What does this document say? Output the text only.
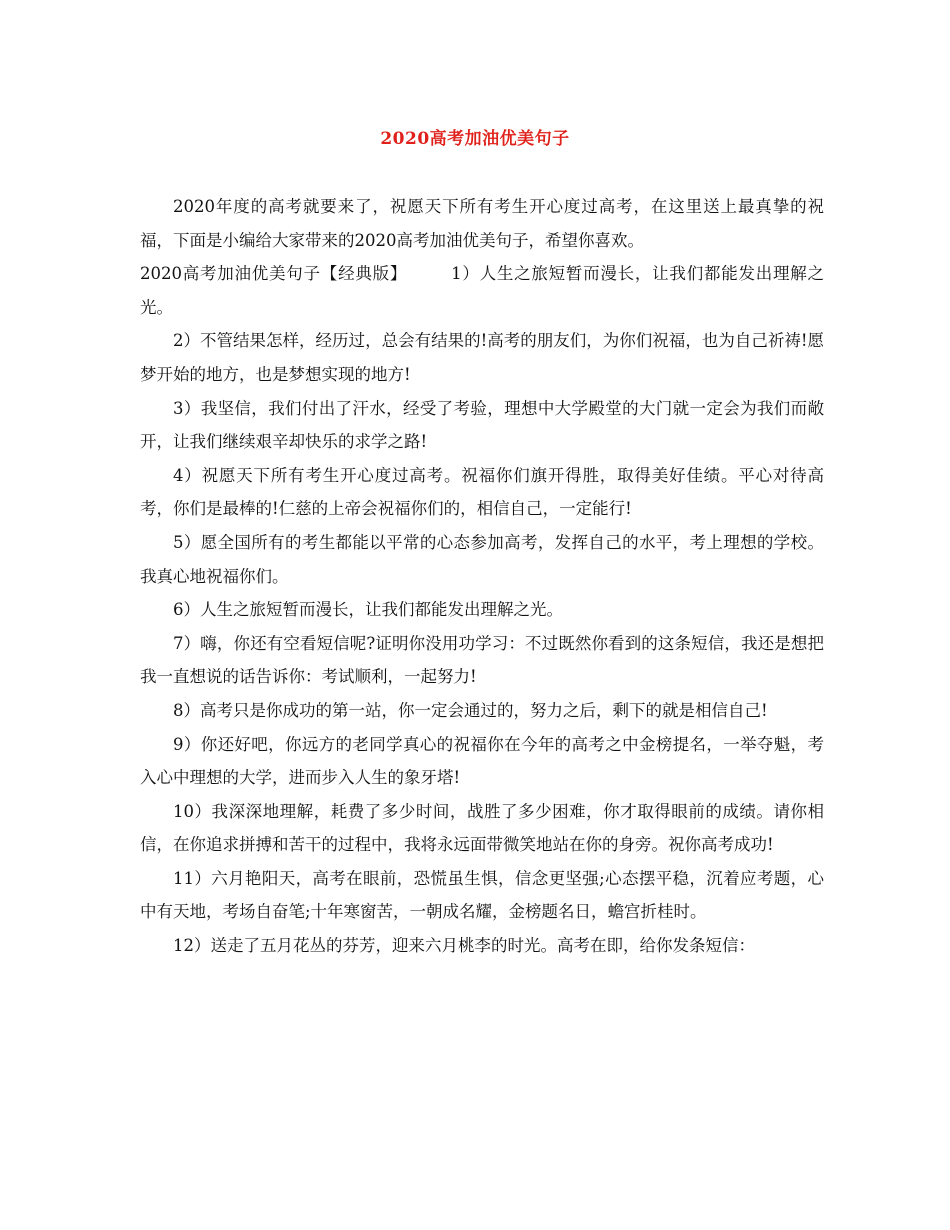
2020高考加油优美句子

2020年度的高考就要来了，祝愿天下所有考生开心度过高考，在这里送上最真挚的祝福，下面是小编给大家带来的2020高考加油优美句子，希望你喜欢。

2020高考加油优美句子【经典版】	1）人生之旅短暂而漫长，让我们都能发出理解之光。

2）不管结果怎样，经历过，总会有结果的!高考的朋友们，为你们祝福，也为自己祈祷!愿梦开始的地方，也是梦想实现的地方!

3）我坚信，我们付出了汗水，经受了考验，理想中大学殿堂的大门就一定会为我们而敞开，让我们继续艰辛却快乐的求学之路!

4）祝愿天下所有考生开心度过高考。祝福你们旗开得胜，取得美好佳绩。平心对待高考，你们是最棒的!仁慈的上帝会祝福你们的，相信自己，一定能行!

5）愿全国所有的考生都能以平常的心态参加高考，发挥自己的水平，考上理想的学校。我真心地祝福你们。

6）人生之旅短暂而漫长，让我们都能发出理解之光。

7）嗨，你还有空看短信呢?证明你没用功学习：不过既然你看到的这条短信，我还是想把我一直想说的话告诉你：考试顺利，一起努力!

8）高考只是你成功的第一站，你一定会通过的，努力之后，剩下的就是相信自己!

9）你还好吧，你远方的老同学真心的祝福你在今年的高考之中金榜提名，一举夺魁，考入心中理想的大学，进而步入人生的象牙塔!

10）我深深地理解，耗费了多少时间，战胜了多少困难，你才取得眼前的成绩。请你相信，在你追求拼搏和苦干的过程中，我将永远面带微笑地站在你的身旁。祝你高考成功!

11）六月艳阳天，高考在眼前，恐慌虽生惧，信念更坚强;心态摆平稳，沉着应考题，心中有天地，考场自奋笔;十年寒窗苦，一朝成名耀，金榜题名日，蟾宫折桂时。

12）送走了五月花丛的芬芳，迎来六月桃李的时光。高考在即，给你发条短信：
